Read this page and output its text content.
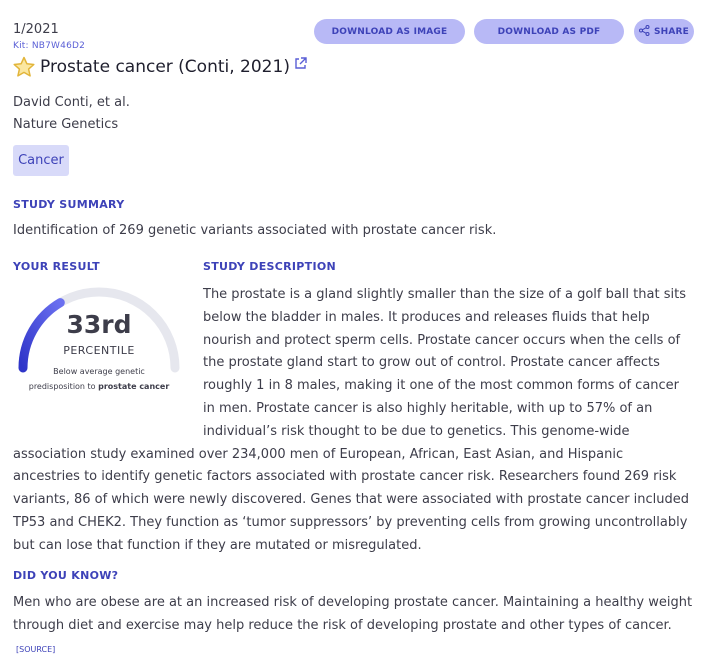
1/2021
Kit: NB7W46D2
Prostate cancer (Conti, 2021)
DOWNLOAD AS IMAGE	DOWNLOAD AS PDF	SHARE
David Conti, et al.
Nature Genetics
Cancer
STUDY SUMMARY
Identification of 269 genetic variants associated with prostate cancer risk.
YOUR RESULT
33rd
PERCENTILE
Below average genetic predisposition to prostate cancer
STUDY DESCRIPTION
The prostate is a gland slightly smaller than the size of a golf ball that sits below the bladder in males. It produces and releases fluids that help nourish and protect sperm cells. Prostate cancer occurs when the cells of the prostate gland start to grow out of control. Prostate cancer affects roughly 1 in 8 males, making it one of the most common forms of cancer in men. Prostate cancer is also highly heritable, with up to 57% of an individual’s risk thought to be due to genetics. This genome-wide association study examined over 234,000 men of European, African, East Asian, and Hispanic ancestries to identify genetic factors associated with prostate cancer risk. Researchers found 269 risk variants, 86 of which were newly discovered. Genes that were associated with prostate cancer included TP53 and CHEK2. They function as ‘tumor suppressors’ by preventing cells from growing uncontrollably but can lose that function if they are mutated or misregulated.
DID YOU KNOW?
Men who are obese are at an increased risk of developing prostate cancer. Maintaining a healthy weight through diet and exercise may help reduce the risk of developing prostate and other types of cancer.[SOURCE]
